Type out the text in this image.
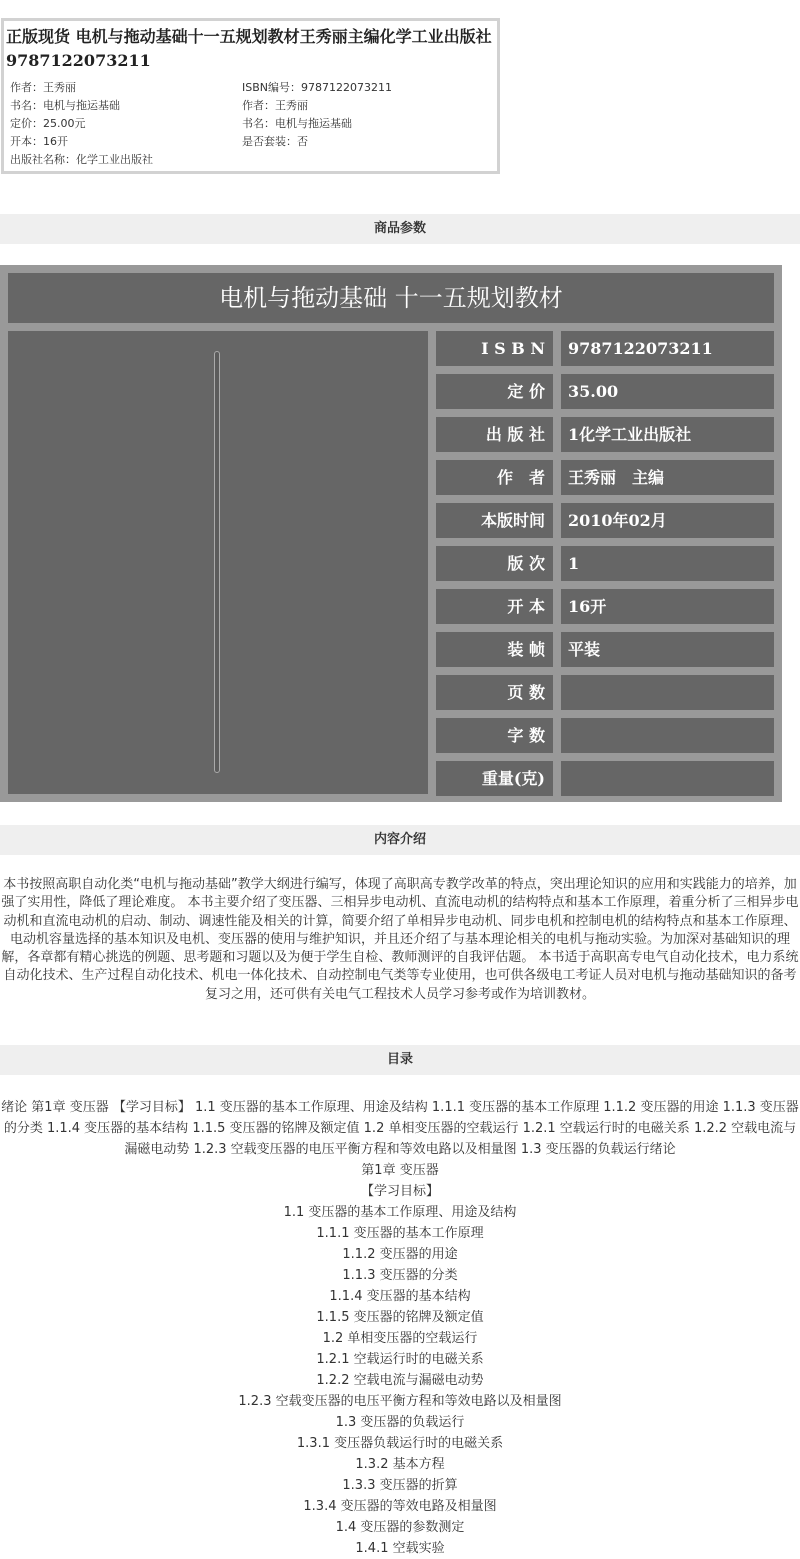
正版现货 电机与拖动基础十一五规划教材王秀丽主编化学工业出版社9787122073211
作者：王秀丽	ISBN编号：9787122073211
书名：电机与拖运基础	作者：王秀丽
定价：25.00元	书名：电机与拖运基础
开本：16开	是否套装：否
出版社名称：化学工业出版社
商品参数
电机与拖动基础 十一五规划教材
I S B N	9787122073211
定 价	35.00
出 版 社	1化学工业出版社
作　者	王秀丽　主编
本版时间	2010年02月
版 次	1
开 本	16开
装 帧	平装
页 数
字 数
重量(克)
内容介绍
本书按照高职自动化类“电机与拖动基础”教学大纲进行编写，体现了高职高专教学改革的特点，突出理论知识的应用和实践能力的培养，加强了实用性，降低了理论难度。 本书主要介绍了变压器、三相异步电动机、直流电动机的结构特点和基本工作原理，着重分析了三相异步电动机和直流电动机的启动、制动、调速性能及相关的计算，简要介绍了单相异步电动机、同步电机和控制电机的结构特点和基本工作原理、电动机容量选择的基本知识及电机、变压器的使用与维护知识，并且还介绍了与基本理论相关的电机与拖动实验。为加深对基础知识的理解，各章都有精心挑选的例题、思考题和习题以及为便于学生自检、教师测评的自我评估题。 本书适于高职高专电气自动化技术，电力系统自动化技术、生产过程自动化技术、机电一体化技术、自动控制电气类等专业使用，也可供各级电工考证人员对电机与拖动基础知识的备考复习之用，还可供有关电气工程技术人员学习参考或作为培训教材。
目录
绪论 第1章 变压器 【学习目标】 1.1 变压器的基本工作原理、用途及结构 1.1.1 变压器的基本工作原理 1.1.2 变压器的用途 1.1.3 变压器的分类 1.1.4 变压器的基本结构 1.1.5 变压器的铭牌及额定值 1.2 单相变压器的空载运行 1.2.1 空载运行时的电磁关系 1.2.2 空载电流与漏磁电动势 1.2.3 空载变压器的电压平衡方程和等效电路以及相量图 1.3 变压器的负载运行绪论
第1章 变压器
【学习目标】
1.1 变压器的基本工作原理、用途及结构
1.1.1 变压器的基本工作原理
1.1.2 变压器的用途
1.1.3 变压器的分类
1.1.4 变压器的基本结构
1.1.5 变压器的铭牌及额定值
1.2 单相变压器的空载运行
1.2.1 空载运行时的电磁关系
1.2.2 空载电流与漏磁电动势
1.2.3 空载变压器的电压平衡方程和等效电路以及相量图
1.3 变压器的负载运行
1.3.1 变压器负载运行时的电磁关系
1.3.2 基本方程
1.3.3 变压器的折算
1.3.4 变压器的等效电路及相量图
1.4 变压器的参数测定
1.4.1 空载实验
